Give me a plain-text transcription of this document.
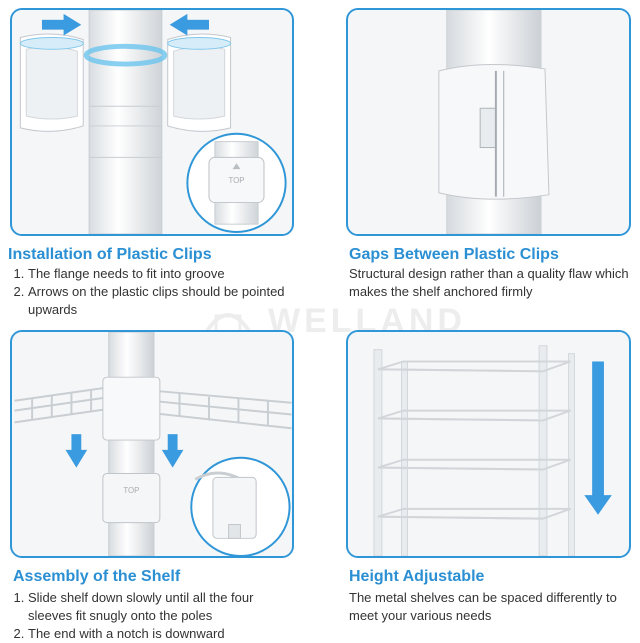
TOP
Installation of Plastic Clips
1. The flange needs to fit into groove
2. Arrows on the plastic clips should be pointed upwards
Gaps Between Plastic Clips

Structural design rather than a quality flaw which makes the shelf anchored firmly

WELLAND
TOP
Assembly of the Shelf
1. Slide shelf down slowly until all the four sleeves fit snugly onto the poles
2. The end with a notch is downward
Height Adjustable

The metal shelves can be spaced differently to meet your various needs
